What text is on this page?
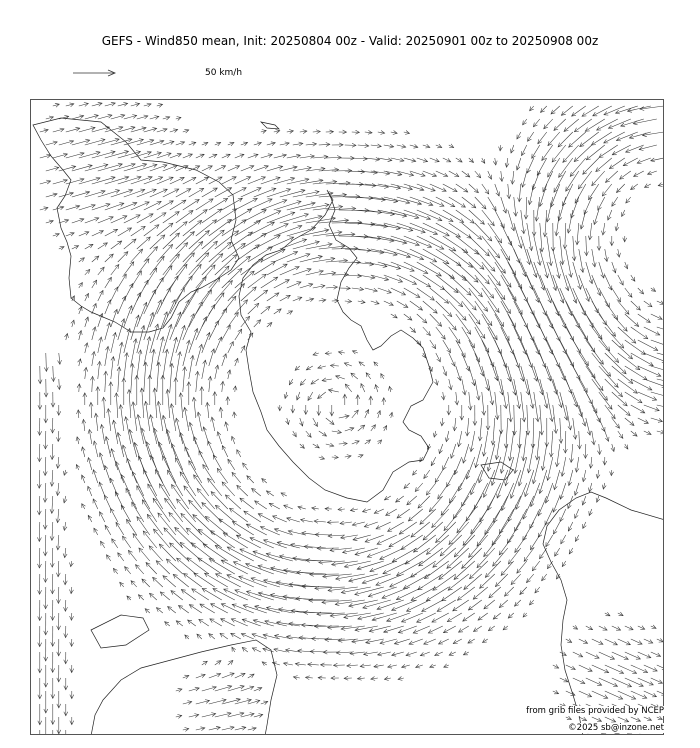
GEFS - Wind850 mean, Init: 20250804 00z - Valid: 20250901 00z to 20250908 00z
50 km/h
from grib files provided by NCEP
©2025 sb@inzone.net
